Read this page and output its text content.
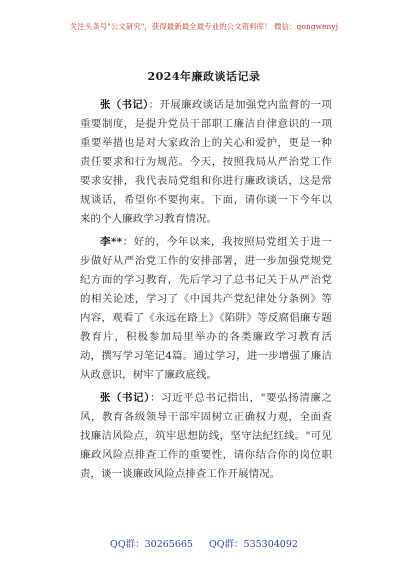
关注头条号"公文研究"，获得最新最全最专业的公文资料库！ 微信：gongwenyj
2024年廉政谈话记录

张（书记）：开展廉政谈话是加强党内监督的一项重要制度，是提升党员干部职工廉洁自律意识的一项重要举措也是对大家政治上的关心和爱护，更是一种责任要求和行为规范。今天，按照我局从严治党工作要求安排，我代表局党组和你进行廉政谈话，这是常规谈话，希望你不要拘束。下面，请你谈一下今年以来的个人廉政学习教育情况。

李**：好的，今年以来，我按照局党组关于进一步做好从严治党工作的安排部署，进一步加强党规党纪方面的学习教育，先后学习了总书记关于从严治党的相关论述，学习了《中国共产党纪律处分条例》等内容，观看了《永远在路上》《陷阱》等反腐倡廉专题教育片，积极参加局里举办的各类廉政学习教育活动，撰写学习笔记4篇。通过学习，进一步增强了廉洁从政意识，树牢了廉政底线。

张（书记）：习近平总书记指出，"要弘扬清廉之风，教育各级领导干部牢固树立正确权力观，全面查找廉洁风险点，筑牢思想防线，坚守法纪红线。"可见廉政风险点排查工作的重要性，请你结合你的岗位职责，谈一谈廉政风险点排查工作开展情况。

QQ群：30265665 QQ群：535304092
